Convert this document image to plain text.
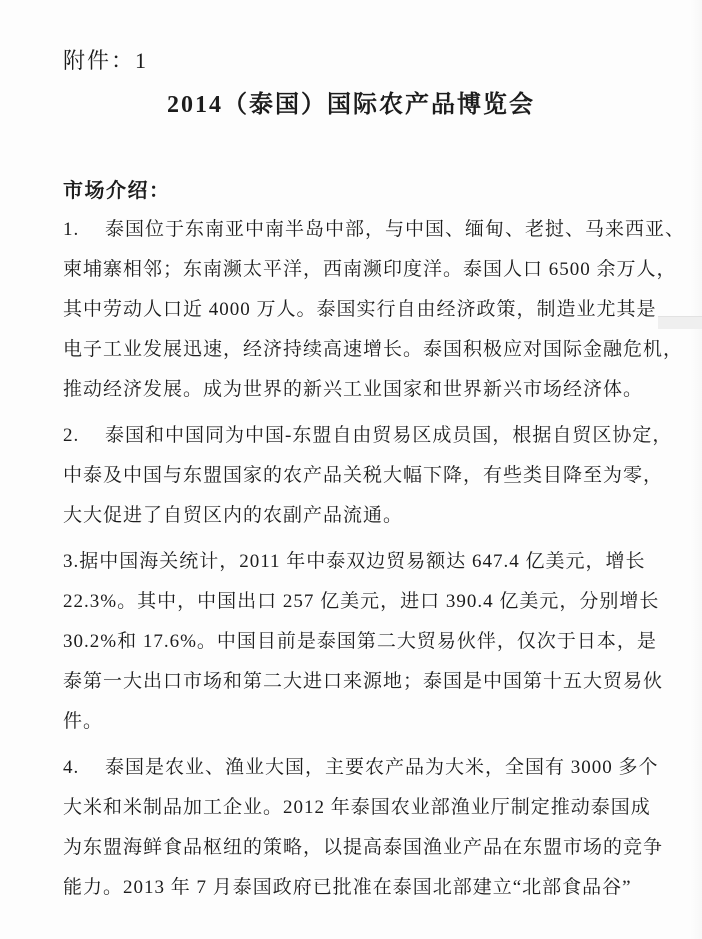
附件：1
2014（泰国）国际农产品博览会
市场介绍：
1.　 泰国位于东南亚中南半岛中部，与中国、缅甸、老挝、马来西亚、
柬埔寨相邻；东南濒太平洋，西南濒印度洋。泰国人口 6500 余万人，
其中劳动人口近 4000 万人。泰国实行自由经济政策，制造业尤其是
电子工业发展迅速，经济持续高速增长。泰国积极应对国际金融危机，
推动经济发展。成为世界的新兴工业国家和世界新兴市场经济体。
2.　 泰国和中国同为中国-东盟自由贸易区成员国，根据自贸区协定，
中泰及中国与东盟国家的农产品关税大幅下降，有些类目降至为零，
大大促进了自贸区内的农副产品流通。
3.据中国海关统计，2011 年中泰双边贸易额达 647.4 亿美元，增长
22.3%。其中，中国出口 257 亿美元，进口 390.4 亿美元，分别增长
30.2%和 17.6%。中国目前是泰国第二大贸易伙伴，仅次于日本，是
泰第一大出口市场和第二大进口来源地；泰国是中国第十五大贸易伙
件。
4.　 泰国是农业、渔业大国，主要农产品为大米，全国有 3000 多个
大米和米制品加工企业。2012 年泰国农业部渔业厅制定推动泰国成
为东盟海鲜食品枢纽的策略，以提高泰国渔业产品在东盟市场的竞争
能力。2013 年 7 月泰国政府已批准在泰国北部建立“北部食品谷”
